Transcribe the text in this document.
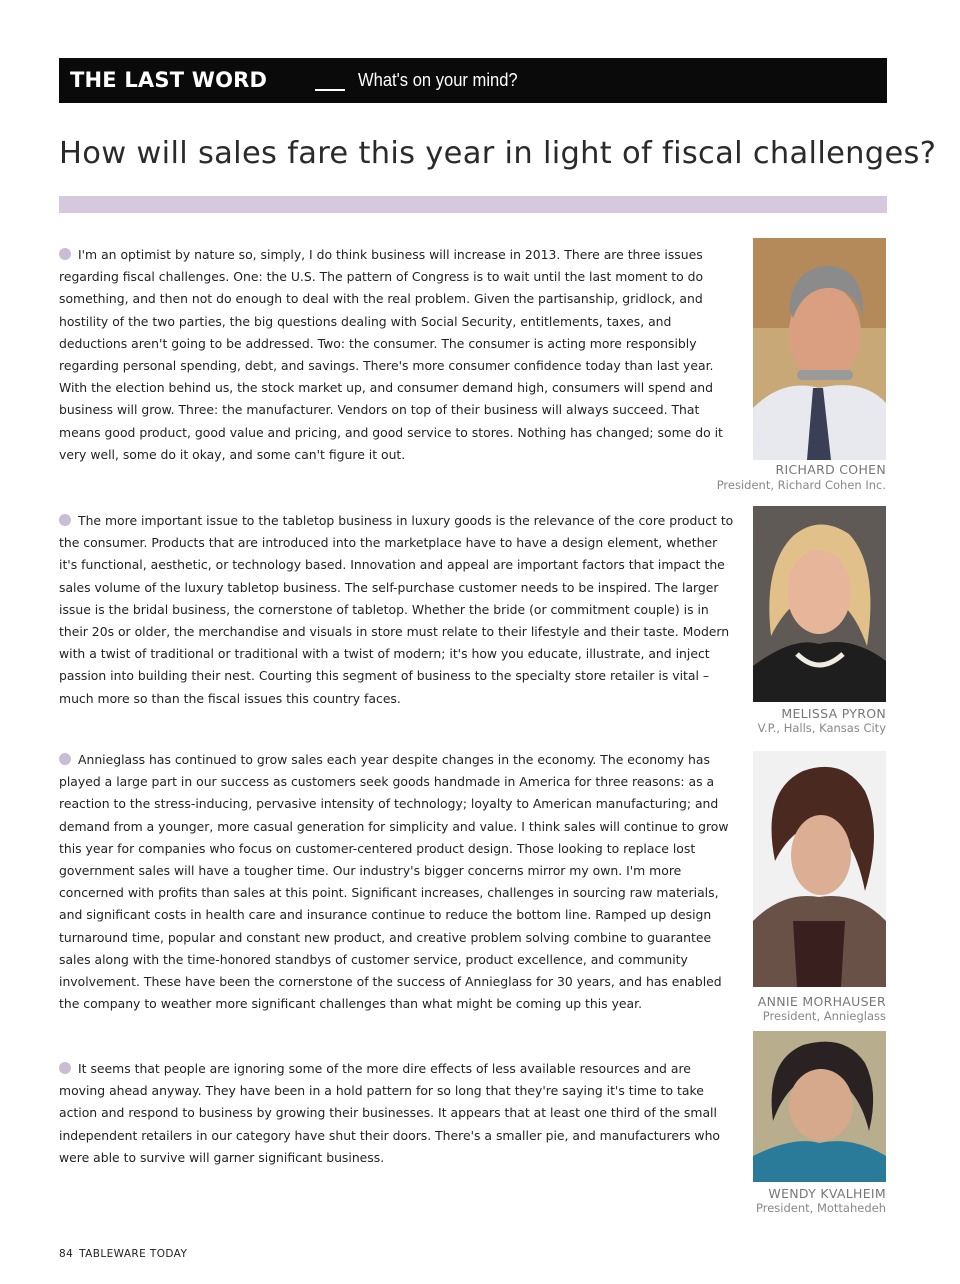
THE LAST WORD	What's on your mind?
How will sales fare this year in light of fiscal challenges?

I'm an optimist by nature so, simply, I do think business will increase in 2013. There are three issues regarding fiscal challenges. One: the U.S. The pattern of Congress is to wait until the last moment to do something, and then not do enough to deal with the real problem. Given the partisanship, gridlock, and hostility of the two parties, the big questions dealing with Social Security, entitlements, taxes, and deductions aren't going to be addressed. Two: the consumer. The consumer is acting more responsibly regarding personal spending, debt, and savings. There's more consumer confidence today than last year. With the election behind us, the stock market up, and consumer demand high, consumers will spend and business will grow. Three: the manufacturer. Vendors on top of their business will always succeed. That means good product, good value and pricing, and good service to stores. Nothing has changed; some do it very well, some do it okay, and some can't figure it out.

RICHARD COHEN
President, Richard Cohen Inc.

The more important issue to the tabletop business in luxury goods is the relevance of the core product to the consumer. Products that are introduced into the marketplace have to have a design element, whether it's functional, aesthetic, or technology based. Innovation and appeal are important factors that impact the sales volume of the luxury tabletop business. The self-purchase customer needs to be inspired. The larger issue is the bridal business, the cornerstone of tabletop. Whether the bride (or commitment couple) is in their 20s or older, the merchandise and visuals in store must relate to their lifestyle and their taste. Modern with a twist of traditional or traditional with a twist of modern; it's how you educate, illustrate, and inject passion into building their nest. Courting this segment of business to the specialty store retailer is vital – much more so than the fiscal issues this country faces.

MELISSA PYRON
V.P., Halls, Kansas City

Annieglass has continued to grow sales each year despite changes in the economy. The economy has played a large part in our success as customers seek goods handmade in America for three reasons: as a reaction to the stress-inducing, pervasive intensity of technology; loyalty to American manufacturing; and demand from a younger, more casual generation for simplicity and value. I think sales will continue to grow this year for companies who focus on customer-centered product design. Those looking to replace lost government sales will have a tougher time. Our industry's bigger concerns mirror my own. I'm more concerned with profits than sales at this point. Significant increases, challenges in sourcing raw materials, and significant costs in health care and insurance continue to reduce the bottom line. Ramped up design turnaround time, popular and constant new product, and creative problem solving combine to guarantee sales along with the time-honored standbys of customer service, product excellence, and community involvement. These have been the cornerstone of the success of Annieglass for 30 years, and has enabled the company to weather more significant challenges than what might be coming up this year.	ANNIE MORHAUSER
President, Annieglass

It seems that people are ignoring some of the more dire effects of less available resources and are moving ahead anyway. They have been in a hold pattern for so long that they're saying it's time to take action and respond to business by growing their businesses. It appears that at least one third of the small independent retailers in our category have shut their doors. There's a smaller pie, and manufacturers who were able to survive will garner significant business.

WENDY KVALHEIM
President, Mottahedeh
84 TABLEWARE TODAY
